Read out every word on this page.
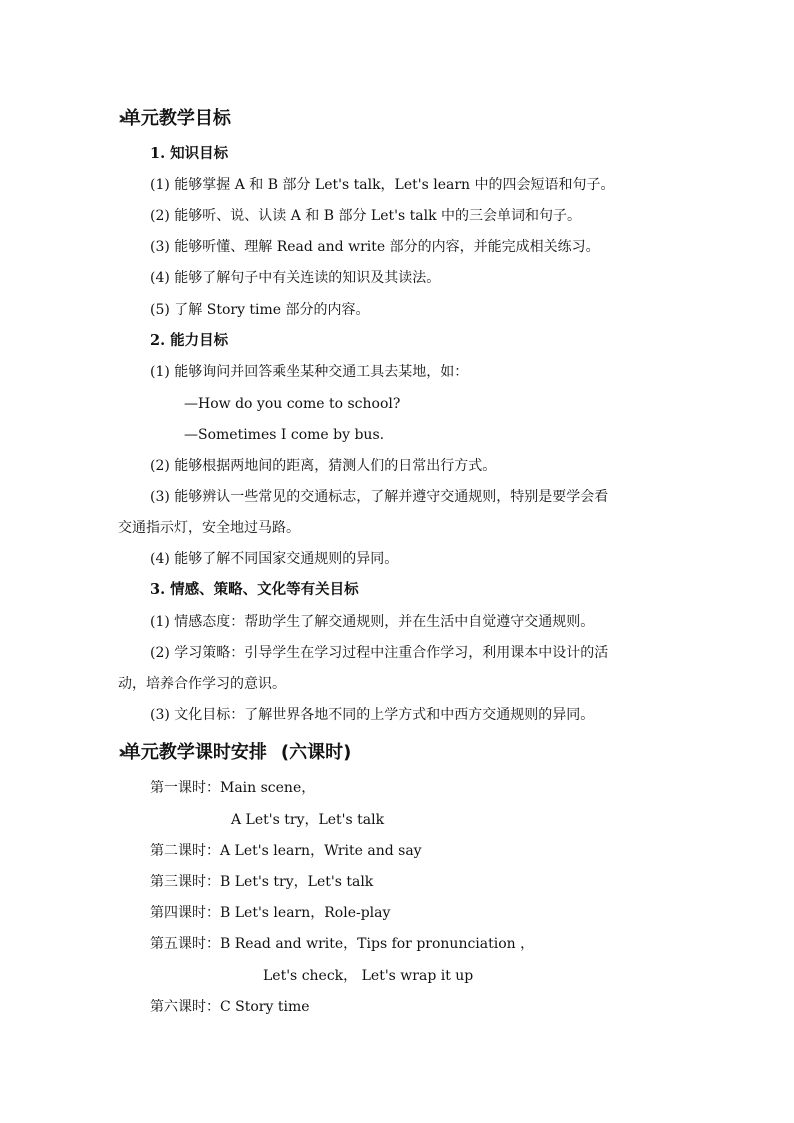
›› 单元教学目标
1. 知识目标
(1) 能够掌握 A 和 B 部分 Let's talk，Let's learn 中的四会短语和句子。
(2) 能够听、说、认读 A 和 B 部分 Let's talk 中的三会单词和句子。
(3) 能够听懂、理解 Read and write 部分的内容，并能完成相关练习。
(4) 能够了解句子中有关连读的知识及其读法。
(5) 了解 Story time 部分的内容。
2. 能力目标
(1) 能够询问并回答乘坐某种交通工具去某地，如：
—How do you come to school?
—Sometimes I come by bus.
(2) 能够根据两地间的距离，猜测人们的日常出行方式。
(3) 能够辨认一些常见的交通标志，了解并遵守交通规则，特别是要学会看
交通指示灯，安全地过马路。
(4) 能够了解不同国家交通规则的异同。
3. 情感、策略、文化等有关目标
(1) 情感态度：帮助学生了解交通规则，并在生活中自觉遵守交通规则。
(2) 学习策略：引导学生在学习过程中注重合作学习，利用课本中设计的活
动，培养合作学习的意识。
(3) 文化目标：了解世界各地不同的上学方式和中西方交通规则的异同。
›› 单元教学课时安排 (六课时)
第一课时：Main scene，
A Let's try，Let's talk
第二课时：A Let's learn，Write and say
第三课时：B Let's try，Let's talk
第四课时：B Let's learn，Role-play
第五课时：B Read and write，Tips for pronunciation ，
Let's check， Let's wrap it up
第六课时：C Story time
